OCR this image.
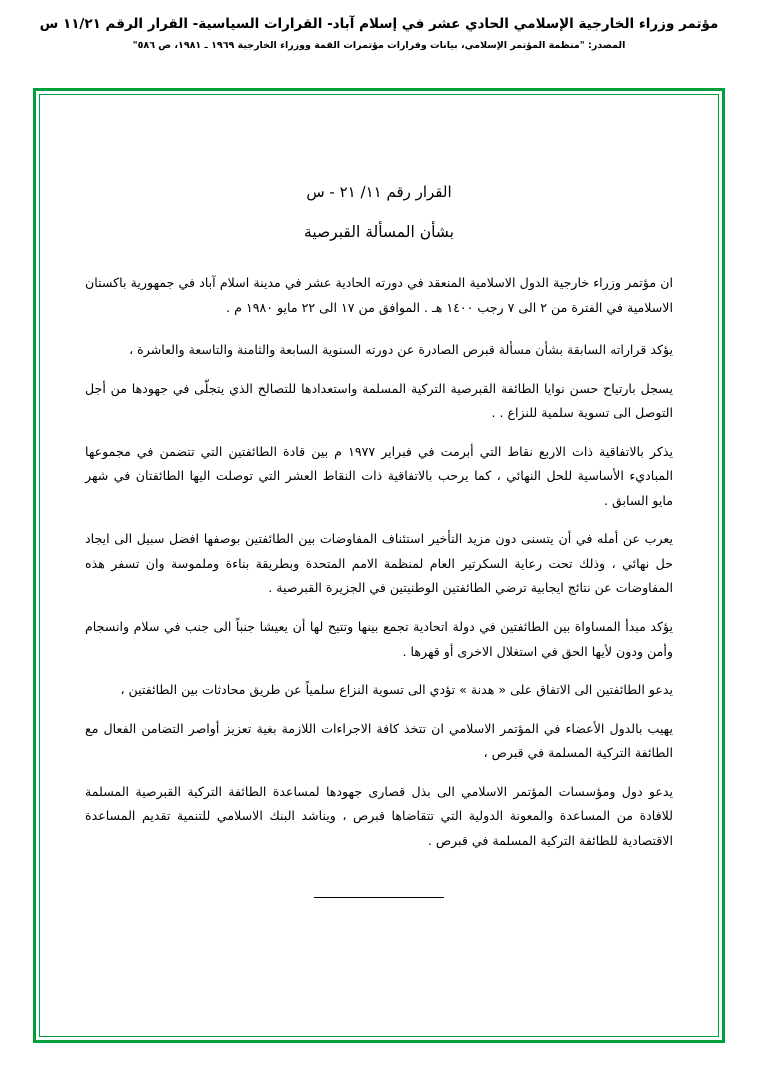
مؤتمر وزراء الخارجية الإسلامي الحادي عشر في إسلام آباد- القرارات السياسية- القرار الرقم ١١/٢١ س
المصدر: "منظمة المؤتمر الإسلامي، بيانات وقرارات مؤتمرات القمة ووزراء الخارجية ١٩٦٩ ـ ١٩٨١، ص ٥٨٦"
القرار رقم ١١/ ٢١ - س
بشأن المسألة القبرصية

ان مؤتمر وزراء خارجية الدول الاسلامية المنعقد في دورته الحادية عشر في مدينة اسلام آباد في جمهورية باكستان الاسلامية في الفترة من ٢ الى ٧ رجب ١٤٠٠ هـ . الموافق من ١٧ الى ٢٢ مايو ١٩٨٠ م .

يؤكد قراراته السابقة بشأن مسألة قبرص الصادرة عن دورته السنوية السابعة والثامنة والتاسعة والعاشرة ،

يسجل بارتياح حسن نوايا الطائفة القبرصية التركية المسلمة واستعدادها للتصالح الذي يتجلّى في جهودها من أجل التوصل الى تسوية سلمية للنزاع . .

يذكر بالاتفاقية ذات الاربع نقاط التي أبرمت في فبراير ١٩٧٧ م بين قادة الطائفتين التي تتضمن في مجموعها المباديء الأساسية للحل النهائي ، كما يرحب بالاتفاقية ذات النقاط العشر التي توصلت اليها الطائفتان في شهر مايو السابق .

يعرب عن أمله في أن يتسنى دون مزيد التأخير استئناف المفاوضات بين الطائفتين بوصفها افضل سبيل الى ايجاد حل نهائي ، وذلك تحت رعاية السكرتير العام لمنظمة الامم المتحدة وبطريقة بناءة وملموسة وان تسفر هذه المفاوضات عن نتائج ايجابية ترضي الطائفتين الوطنيتين في الجزيرة القبرصية .

يؤكد مبدأ المساواة بين الطائفتين في دولة اتحادية تجمع بينها وتتيح لها أن يعيشا جنباً الى جنب في سلام وانسجام وأمن ودون لأيها الحق في استغلال الاخرى أو قهرها .

يدعو الطائفتين الى الاتفاق على « هدنة » تؤدي الى تسوية النزاع سلمياً عن طريق محادثات بين الطائفتين ،

يهيب بالدول الأعضاء في المؤتمر الاسلامي ان تتخذ كافة الاجراءات اللازمة بغية تعزيز أواصر التضامن الفعال مع الطائفة التركية المسلمة في قبرص ،

يدعو دول ومؤسسات المؤتمر الاسلامي الى بذل قصارى جهودها لمساعدة الطائفة التركية القبرصية المسلمة للافادة من المساعدة والمعونة الدولية التي تتقاضاها قبرص ، ويناشد البنك الاسلامي للتنمية تقديم المساعدة الاقتصادية للطائفة التركية المسلمة في قبرص .
